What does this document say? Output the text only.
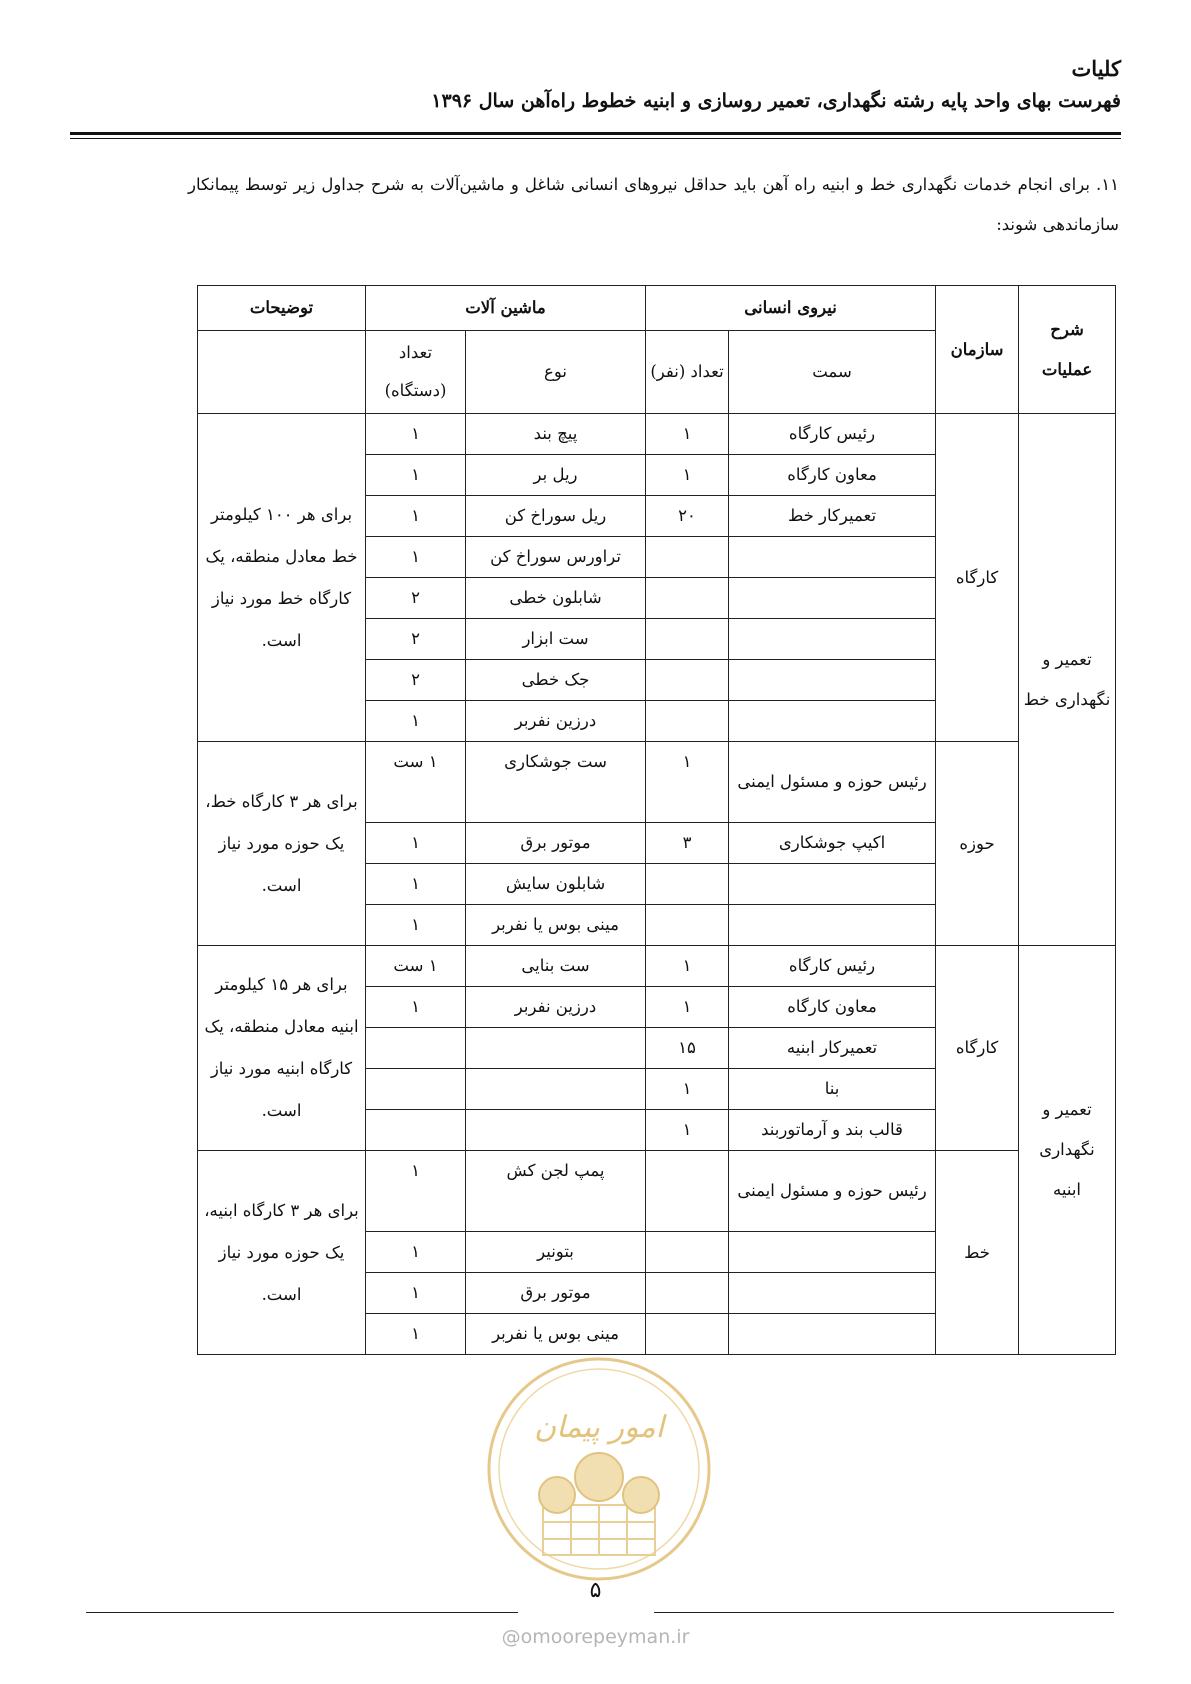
کلیات

فهرست بهای واحد پایه رشته نگهداری، تعمیر روسازی و ابنیه خطوط راه‌آهن سال ۱۳۹۶

۱۱. برای انجام خدمات نگهداری خط و ابنیه راه آهن باید حداقل نیروهای انسانی شاغل و ماشین‌آلات به شرح جداول زیر توسط پیمانکار سازماندهی شوند:
شرح عملیات	سازمان	نیروی انسانی		ماشین آلات		توضیحات
		سمت	تعداد (نفر)	نوع	تعداد (دستگاه)	
تعمیر و نگهداری خط	کارگاه	رئیس کارگاه	۱	پیچ بند	۱	برای هر ۱۰۰ کیلومتر خط معادل منطقه، یک کارگاه خط مورد نیاز است.
		معاون کارگاه	۱	ریل بر	۱	
		تعمیرکار خط	۲۰	ریل سوراخ کن	۱	
				تراورس سوراخ کن	۱	
				شابلون خطی	۲	
				ست ابزار	۲	
				جک خطی	۲	
				درزین نفربر	۱	
	حوزه	رئیس حوزه و مسئول ایمنی	۱	ست جوشکاری	۱ ست	برای هر ۳ کارگاه خط، یک حوزه مورد نیاز است.
		اکیپ جوشکاری	۳	موتور برق	۱	
				شابلون سایش	۱	
				مینی بوس یا نفربر	۱	
تعمیر و نگهداری ابنیه	کارگاه	رئیس کارگاه	۱	ست بنایی	۱ ست	برای هر ۱۵ کیلومتر ابنیه معادل منطقه، یک کارگاه ابنیه مورد نیاز است.
		معاون کارگاه	۱	درزین نفربر	۱	
		تعمیرکار ابنیه	۱۵			
		بنا	۱			
		قالب بند و آرماتوربند	۱			
	خط	رئیس حوزه و مسئول ایمنی		پمپ لجن کش	۱	برای هر ۳ کارگاه ابنیه، یک حوزه مورد نیاز است.
				بتونیر	۱	
				موتور برق	۱	
				مینی بوس یا نفربر	۱	
امور پیمان
۵
@omoorepeyman.ir
